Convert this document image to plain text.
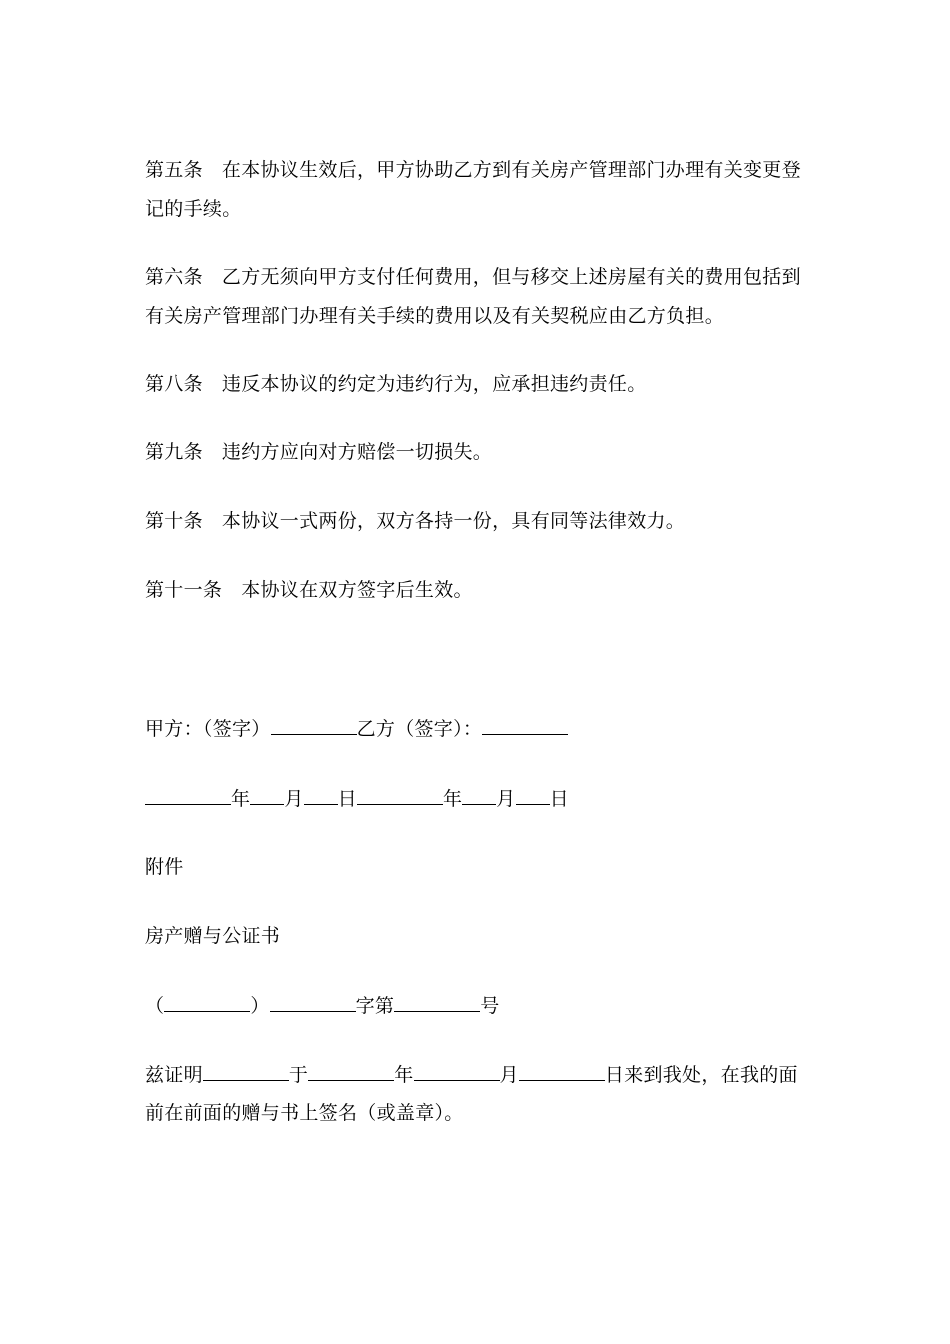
第五条 在本协议生效后，甲方协助乙方到有关房产管理部门办理有关变更登
记的手续。
第六条 乙方无须向甲方支付任何费用，但与移交上述房屋有关的费用包括到
有关房产管理部门办理有关手续的费用以及有关契税应由乙方负担。
第八条 违反本协议的约定为违约行为，应承担违约责任。
第九条 违约方应向对方赔偿一切损失。
第十条 本协议一式两份，双方各持一份，具有同等法律效力。
第十一条 本协议在双方签字后生效。
甲方：（签字）	乙方（签字）：
年 月 日	年 月 日
附件
房产赠与公证书
（	）	字第	号
兹证明	于	年	月	日来到我处，在我的面
前在前面的赠与书上签名（或盖章）。
